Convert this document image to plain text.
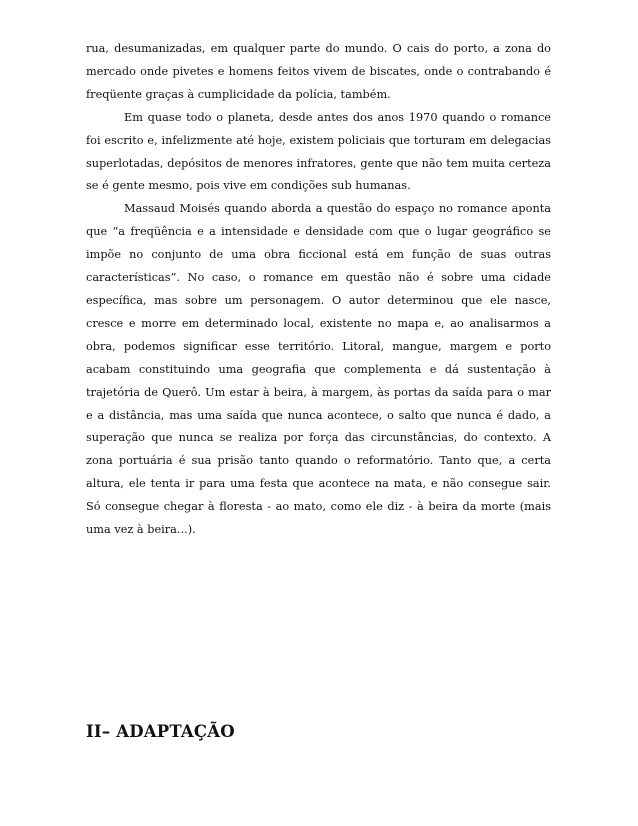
rua, desumanizadas, em qualquer parte do mundo. O cais do porto, a zona do mercado onde pivetes e homens feitos vivem de biscates, onde o contrabando é freqüente graças à cumplicidade da polícia, também.

Em quase todo o planeta, desde antes dos anos 1970 quando o romance foi escrito e, infelizmente até hoje, existem policiais que torturam em delegacias superlotadas, depósitos de menores infratores, gente que não tem muita certeza se é gente mesmo, pois vive em condições sub humanas.

Massaud Moisés quando aborda a questão do espaço no romance aponta que “a freqüência e a intensidade e densidade com que o lugar geográfico se impõe no conjunto de uma obra ficcional está em função de suas outras características”. No caso, o romance em questão não é sobre uma cidade específica, mas sobre um personagem. O autor determinou que ele nasce, cresce e morre em determinado local, existente no mapa e, ao analisarmos a obra, podemos significar esse território. Litoral, mangue, margem e porto acabam constituindo uma geografia que complementa e dá sustentação à trajetória de Querô. Um estar à beira, à margem, às portas da saída para o mar e a distância, mas uma saída que nunca acontece, o salto que nunca é dado, a superação que nunca se realiza por força das circunstâncias, do contexto. A zona portuária é sua prisão tanto quando o reformatório. Tanto que, a certa altura, ele tenta ir para uma festa que acontece na mata, e não consegue sair. Só consegue chegar à floresta - ao mato, como ele diz - à beira da morte (mais uma vez à beira...).

II– ADAPTAÇÃO
